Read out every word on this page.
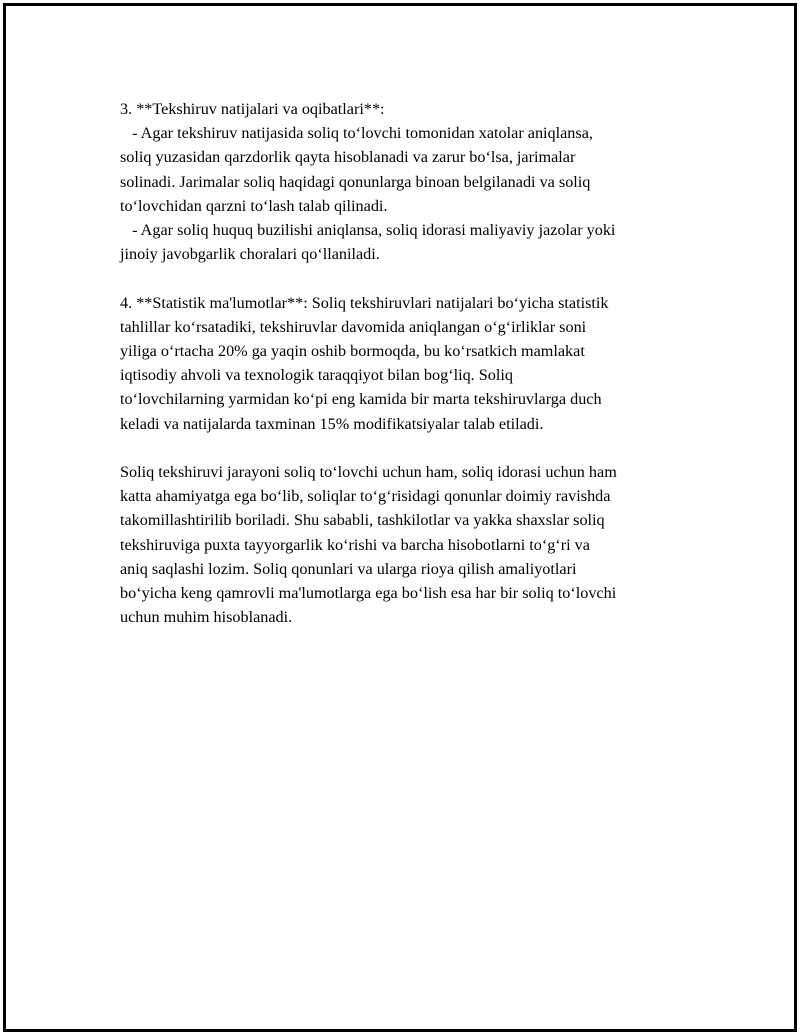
3. **Tekshiruv natijalari va oqibatlari**:
- Agar tekshiruv natijasida soliq to‘lovchi tomonidan xatolar aniqlansa,
soliq yuzasidan qarzdorlik qayta hisoblanadi va zarur bo‘lsa, jarimalar
solinadi. Jarimalar soliq haqidagi qonunlarga binoan belgilanadi va soliq
to‘lovchidan qarzni to‘lash talab qilinadi.
- Agar soliq huquq buzilishi aniqlansa, soliq idorasi maliyaviy jazolar yoki
jinoiy javobgarlik choralari qo‘llaniladi.
4. **Statistik ma'lumotlar**: Soliq tekshiruvlari natijalari bo‘yicha statistik
tahlillar ko‘rsatadiki, tekshiruvlar davomida aniqlangan o‘g‘irliklar soni
yiliga o‘rtacha 20% ga yaqin oshib bormoqda, bu ko‘rsatkich mamlakat
iqtisodiy ahvoli va texnologik taraqqiyot bilan bog‘liq. Soliq
to‘lovchilarning yarmidan ko‘pi eng kamida bir marta tekshiruvlarga duch
keladi va natijalarda taxminan 15% modifikatsiyalar talab etiladi.
Soliq tekshiruvi jarayoni soliq to‘lovchi uchun ham, soliq idorasi uchun ham
katta ahamiyatga ega bo‘lib, soliqlar to‘g‘risidagi qonunlar doimiy ravishda
takomillashtirilib boriladi. Shu sababli, tashkilotlar va yakka shaxslar soliq
tekshiruviga puxta tayyorgarlik ko‘rishi va barcha hisobotlarni to‘g‘ri va
aniq saqlashi lozim. Soliq qonunlari va ularga rioya qilish amaliyotlari
bo‘yicha keng qamrovli ma'lumotlarga ega bo‘lish esa har bir soliq to‘lovchi
uchun muhim hisoblanadi.
